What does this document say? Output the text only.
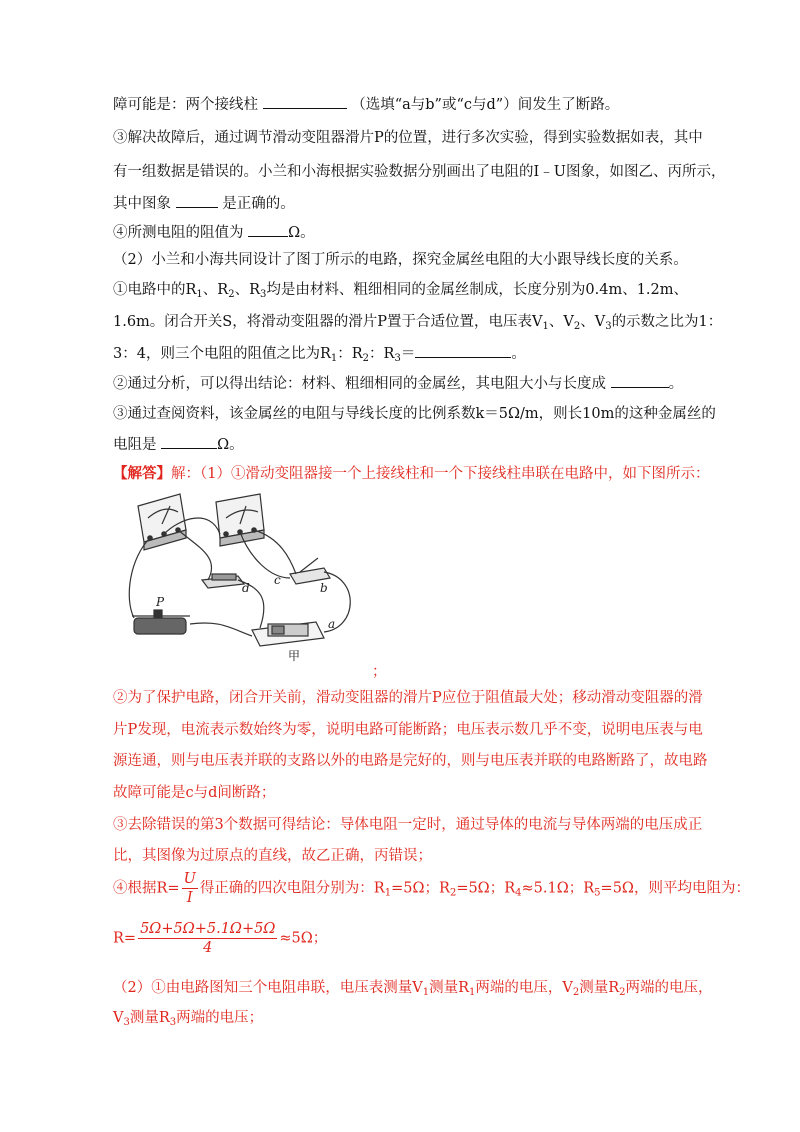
障可能是：两个接线柱	（选填“a与b”或“c与d”）间发生了断路。
③解决故障后，通过调节滑动变阻器滑片P的位置，进行多次实验，得到实验数据如表，其中
有一组数据是错误的。小兰和小海根据实验数据分别画出了电阻的I﹣U图象，如图乙、丙所示，
其中图象	是正确的。
④所测电阻的阻值为	Ω。
（2）小兰和小海共同设计了图丁所示的电路，探究金属丝电阻的大小跟导线长度的关系。
①电路中的$R_1$、$R_2$、$R_3$均是由材料、粗细相同的金属丝制成，长度分别为0.4m、1.2m、
1.6m。闭合开关S，将滑动变阻器的滑片P置于合适位置，电压表$V_1$、$V_2$、$V_3$的示数之比为1：
3：4，则三个电阻的阻值之比为$R_1$：$R_2$：$R_3=$	。
②通过分析，可以得出结论：材料、粗细相同的金属丝，其电阻大小与长度成	。
③通过查阅资料，该金属丝的电阻与导线长度的比例系数k＝5Ω/m，则长10m的这种金属丝的
电阻是	Ω。
【解答】解：（1）①滑动变阻器接一个上接线柱和一个下接线柱串联在电路中，如下图所示：
P
d
c
b
a
甲
；
②为了保护电路，闭合开关前，滑动变阻器的滑片P应位于阻值最大处；移动滑动变阻器的滑
片P发现，电流表示数始终为零，说明电路可能断路；电压表示数几乎不变，说明电压表与电
源连通，则与电压表并联的支路以外的电路是完好的，则与电压表并联的电路断路了，故电路
故障可能是c与d间断路；
③去除错误的第3个数据可得结论：导体电阻一定时，通过导体的电流与导体两端的电压成正
比，其图像为过原点的直线，故乙正确，丙错误；
④根据$R= \frac{U}{I}$ 得正确的四次电阻分别为：$R_1=5\Omega$；$R_2=5\Omega$；$R_4\approx 5.1\Omega$；$R_5=5\Omega$，则平均电阻为：
$R= \frac{5\Omega+5\Omega+5.1\Omega+5\Omega}{4} \approx 5\Omega$；
（2）①由电路图知三个电阻串联，电压表测量$V_1$测量$R_1$两端的电压，$V_2$测量$R_2$两端的电压，
$V_3$测量$R_3$两端的电压；
